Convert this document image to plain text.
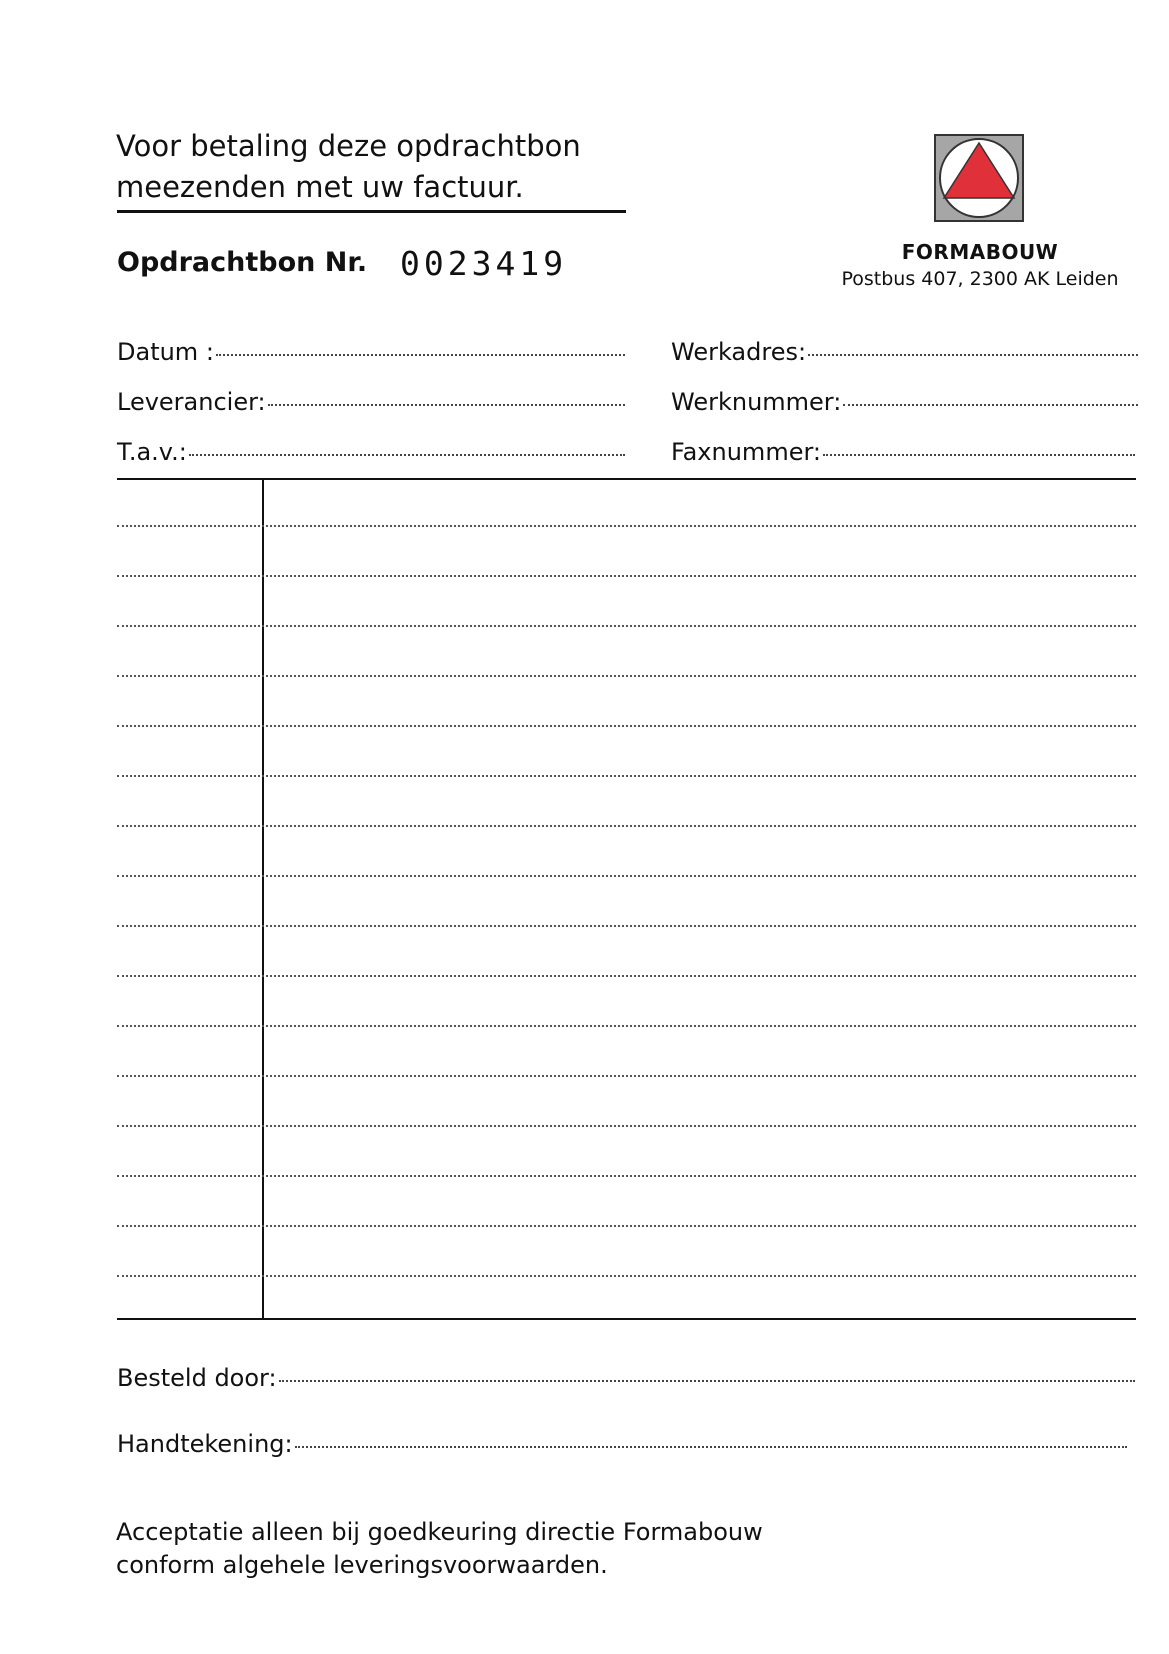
Voor betaling deze opdrachtbon
meezenden met uw factuur.
Opdrachtbon Nr. 0023419	FORMABOUW
Postbus 407, 2300 AK Leiden
Datum :
Leverancier:
T.a.v.:
Werkadres:
Werknummer:
Faxnummer:
Besteld door:
Handtekening:
Acceptatie alleen bij goedkeuring directie Formabouw
conform algehele leveringsvoorwaarden.
